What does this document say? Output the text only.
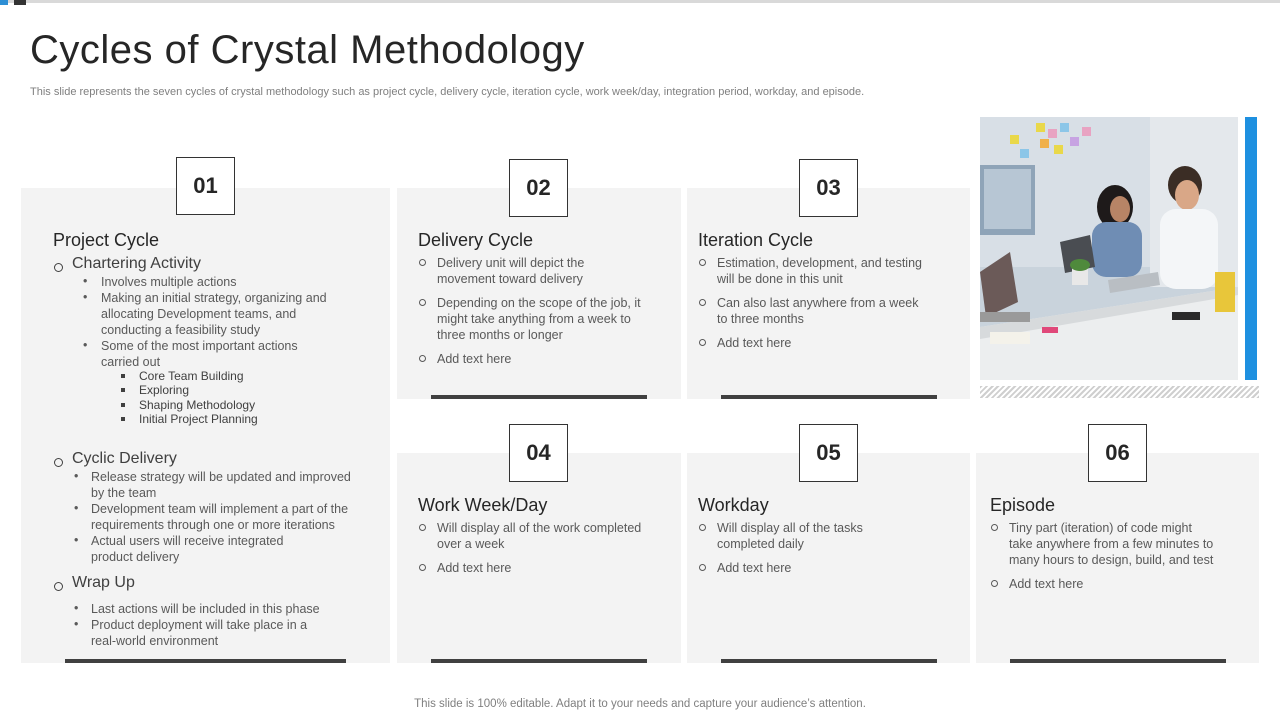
Cycles of Crystal Methodology

This slide represents the seven cycles of crystal methodology such as project cycle, delivery cycle, iteration cycle, work week/day, integration period, workday, and episode.

01
Project Cycle
Chartering Activity
• Involves multiple actions
• Making an initial strategy, organizing and
allocating Development teams, and
conducting a feasibility study
• Some of the most important actions
carried out
Core Team Building
Exploring
Shaping Methodology
Initial Project Planning
Cyclic Delivery
• Release strategy will be updated and improved
by the team
• Development team will implement a part of the
requirements through one or more iterations
• Actual users will receive integrated
product delivery
Wrap Up
• Last actions will be included in this phase
• Product deployment will take place in a
real-world environment
02
Delivery Cycle
Delivery unit will depict the
movement toward delivery
Depending on the scope of the job, it
might take anything from a week to
three months or longer
Add text here
03
Iteration Cycle
Estimation, development, and testing
will be done in this unit
Can also last anywhere from a week
to three months
Add text here
04
Work Week/Day
Will display all of the work completed
over a week
Add text here
05
Workday
Will display all of the tasks
completed daily
Add text here
06
Episode
Tiny part (iteration) of code might
take anywhere from a few minutes to
many hours to design, build, and test
Add text here

This slide is 100% editable. Adapt it to your needs and capture your audience’s attention.
